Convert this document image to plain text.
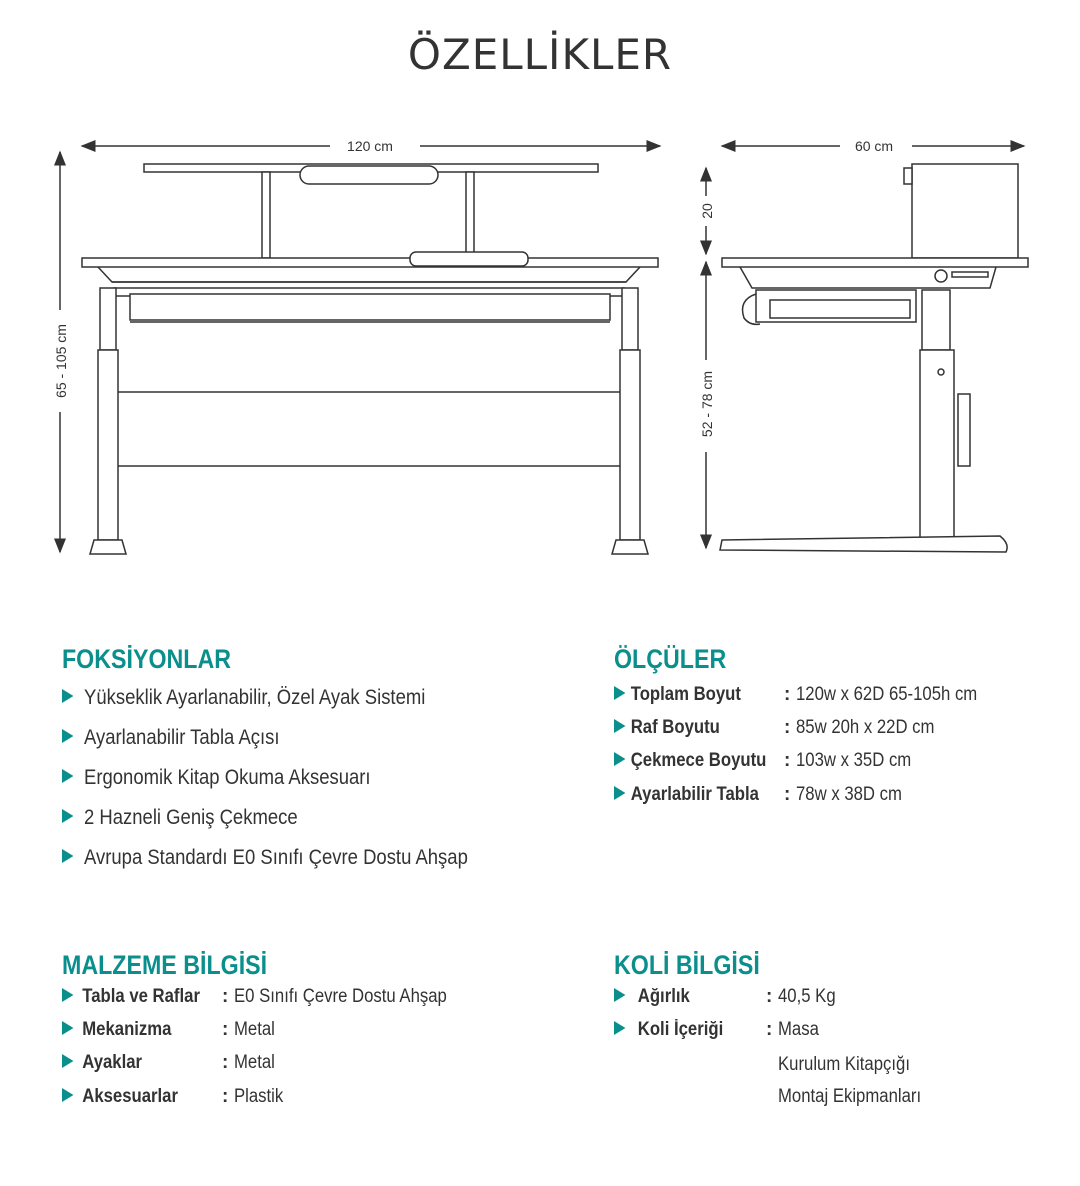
ÖZELLİKLER
120 cm
65 - 105 cm
60 cm
20
52 - 78 cm
FOKSİYONLAR
Yükseklik Ayarlanabilir, Özel Ayak Sistemi
Ayarlanabilir Tabla Açısı
Ergonomik Kitap Okuma Aksesuarı
2 Hazneli Geniş Çekmece
Avrupa Standardı E0 Sınıfı Çevre Dostu Ahşap
ÖLÇÜLER
Toplam Boyut : 120w x 62D 65-105h cm
Raf Boyutu	: 85w 20h x 22D cm
Çekmece Boyutu : 103w x 35D cm
Ayarlabilir Tabla : 78w x 38D cm
MALZEME BİLGİSİ
Tabla ve Raflar : E0 Sınıfı Çevre Dostu Ahşap
Mekanizma	: Metal
Ayaklar	: Metal
Aksesuarlar : Plastik
KOLİ BİLGİSİ
Ağırlık	: 40,5 Kg
Koli İçeriği : Masa
Kurulum Kitapçığı
Montaj Ekipmanları
